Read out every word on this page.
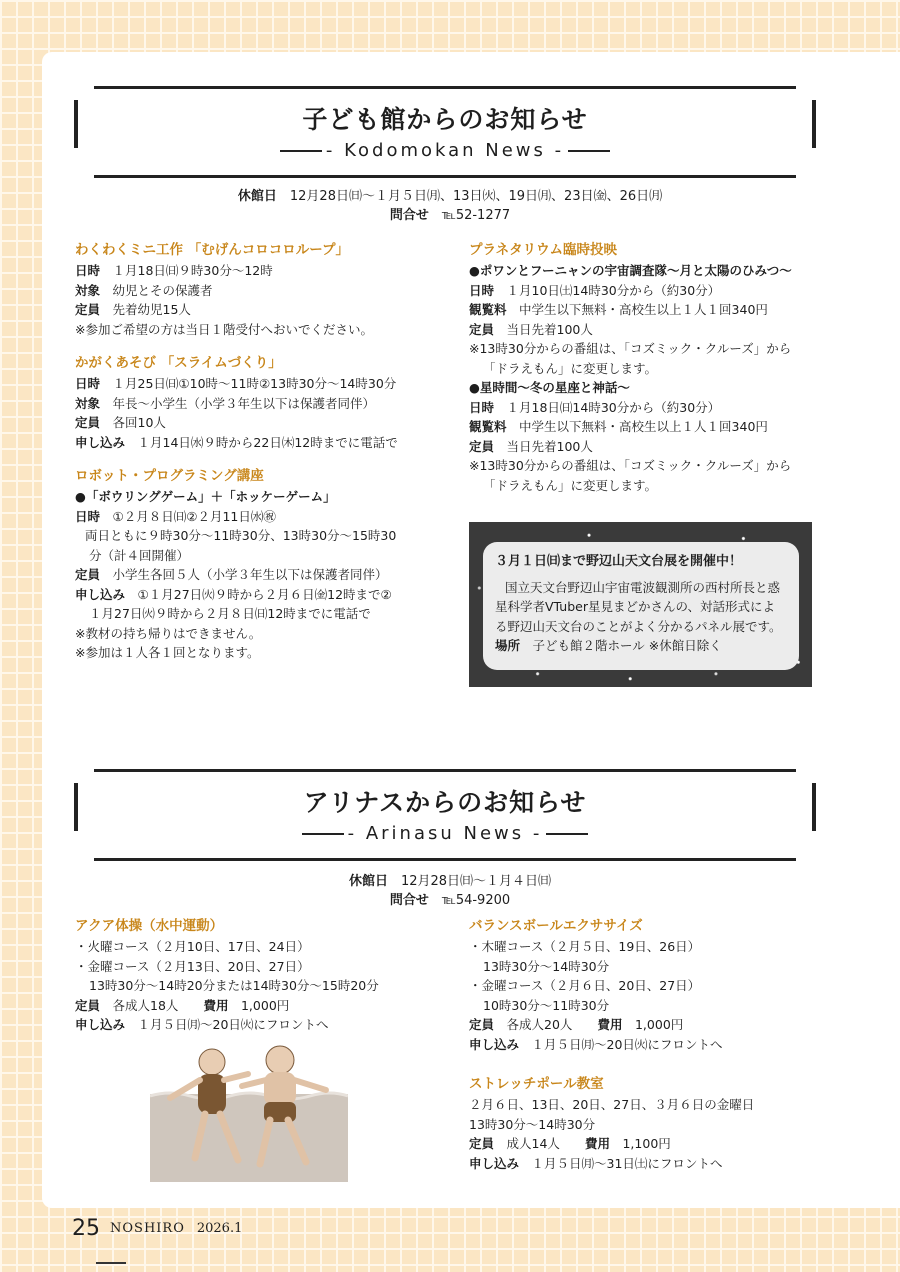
子ども館からのお知らせ
- Kodomokan News -
休館日　 12月28日㈰～１月５日㈪、13日㈫、19日㈪、23日㈮、26日㈪
問合せ　 ℡52-1277
わくわくミニ工作 「むげんコロコロループ」
日時　 １月18日㈰９時30分～12時
対象　 幼児とその保護者
定員　 先着幼児15人
※参加ご希望の方は当日１階受付へおいでください。
かがくあそび 「スライムづくり」
日時　 １月25日㈰①10時～11時②13時30分～14時30分
対象　 年長～小学生（小学３年生以下は保護者同伴）
定員　 各回10人
申し込み　 １月14日㈬９時から22日㈭12時までに電話で
ロボット・プログラミング講座
●「ボウリングゲーム」＋「ホッケーゲーム」
日時　 ①２月８日㈰②２月11日㈬㊗
両日ともに９時30分～11時30分、13時30分～15時30
分（計４回開催）
定員　 小学生各回５人（小学３年生以下は保護者同伴）
申し込み　 ①１月27日㈫９時から２月６日㈮12時まで②
１月27日㈫９時から２月８日㈰12時までに電話で
※教材の持ち帰りはできません。
※参加は１人各１回となります。
プラネタリウム臨時投映
●ポワンとフーニャンの宇宙調査隊～月と太陽のひみつ～
日時　 １月10日㈯14時30分から（約30分）
観覧料　 中学生以下無料・高校生以上１人１回340円
定員　 当日先着100人
※13時30分からの番組は、「コズミック・クルーズ」から
「ドラえもん」に変更します。
●星時間～冬の星座と神話～
日時　 １月18日㈰14時30分から（約30分）
観覧料　 中学生以下無料・高校生以上１人１回340円
定員　 当日先着100人
※13時30分からの番組は、「コズミック・クルーズ」から
「ドラえもん」に変更します。
３月１日㈰まで野辺山天文台展を開催中！
国立天文台野辺山宇宙電波観測所の西村所長と惑
星科学者VTuber星見まどかさんの、対話形式によ
る野辺山天文台のことがよく分かるパネル展です。
場所　 子ども館２階ホール ※休館日除く
アリナスからのお知らせ
- Arinasu News -
休館日　 12月28日㈰～１月４日㈰
問合せ　 ℡54-9200
アクア体操（水中運動）
・火曜コース（２月10日、17日、24日）
・金曜コース（２月13日、20日、27日）
13時30分～14時20分または14時30分～15時20分
定員　 各成人18人　　 費用　 1,000円
申し込み　 １月５日㈪～20日㈫にフロントへ
バランスボールエクササイズ
・木曜コース（２月５日、19日、26日）
13時30分～14時30分
・金曜コース（２月６日、20日、27日）
10時30分～11時30分
定員　 各成人20人　　 費用　 1,000円
申し込み　 １月５日㈪～20日㈫にフロントへ
ストレッチポール教室
２月６日、13日、20日、27日、３月６日の金曜日
13時30分～14時30分
定員　 成人14人　　 費用　 1,100円
申し込み　 １月５日㈪～31日㈯にフロントへ
25 NOSHIRO 2026.1
